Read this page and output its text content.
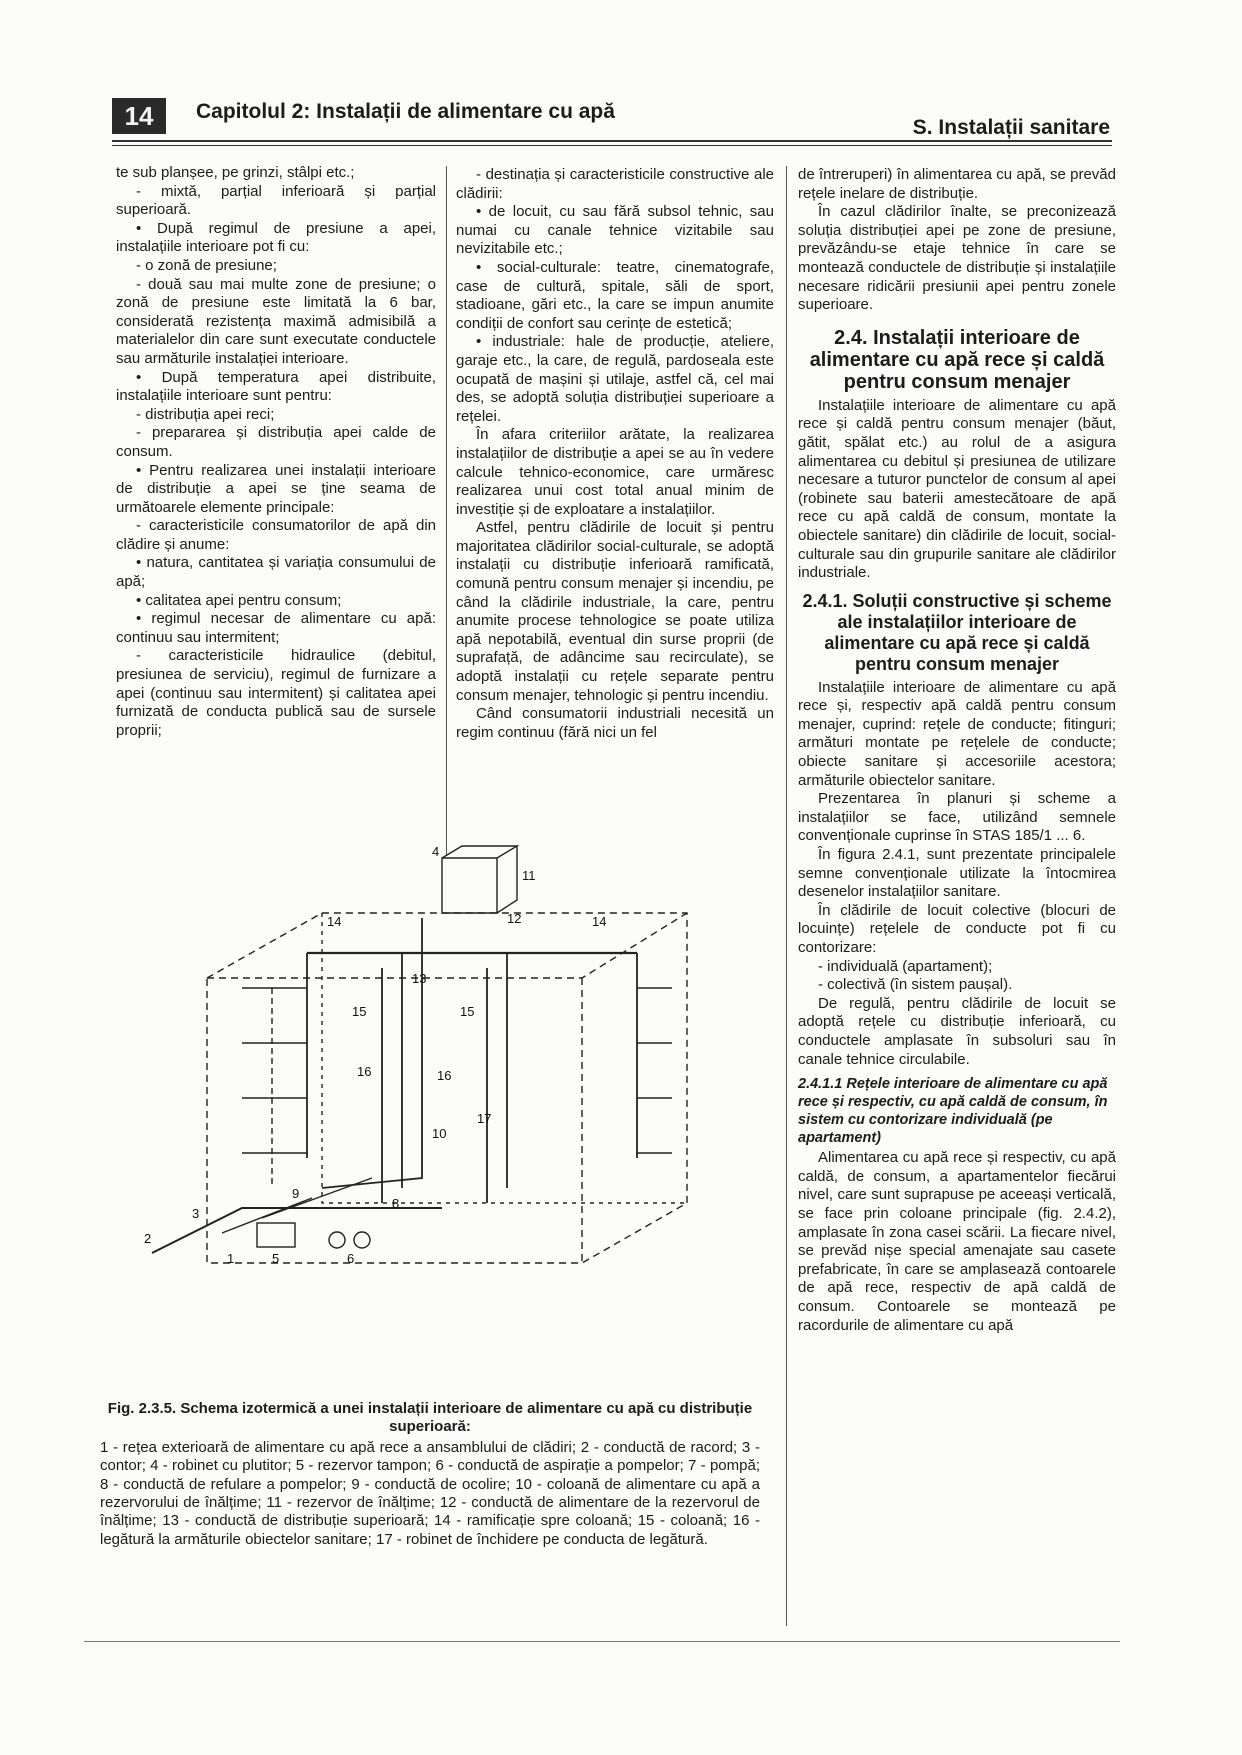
14	Capitolul 2: Instalații de alimentare cu apă
S. Instalații sanitare

te sub planșee, pe grinzi, stâlpi etc.;

- mixtă, parțial inferioară și parțial superioară.

• După regimul de presiune a apei, instalațiile interioare pot fi cu:

- o zonă de presiune;

- două sau mai multe zone de presiune; o zonă de presiune este limitată la 6 bar, considerată rezistența maximă admisibilă a materialelor din care sunt executate conductele sau armăturile instalației interioare.

• După temperatura apei distribuite, instalațiile interioare sunt pentru:

- distribuția apei reci;

- prepararea și distribuția apei calde de consum.

• Pentru realizarea unei instalații interioare de distribuție a apei se ține seama de următoarele elemente principale:

- caracteristicile consumatorilor de apă din clădire și anume:

• natura, cantitatea și variația consumului de apă;

• calitatea apei pentru consum;

• regimul necesar de alimentare cu apă: continuu sau intermitent;

- caracteristicile hidraulice (debitul, presiunea de serviciu), regimul de furnizare a apei (continuu sau intermitent) și calitatea apei furnizată de conducta publică sau de sursele proprii;

- destinația și caracteristicile constructive ale clădirii:

• de locuit, cu sau fără subsol tehnic, sau numai cu canale tehnice vizitabile sau nevizitabile etc.;

• social-culturale: teatre, cinematografe, case de cultură, spitale, săli de sport, stadioane, gări etc., la care se impun anumite condiții de confort sau cerințe de estetică;

• industriale: hale de producție, ateliere, garaje etc., la care, de regulă, pardoseala este ocupată de mașini și utilaje, astfel că, cel mai des, se adoptă soluția distribuției superioare a rețelei.

În afara criteriilor arătate, la realizarea instalațiilor de distribuție a apei se au în vedere calcule tehnico-economice, care urmăresc realizarea unui cost total anual minim de investiție și de exploatare a instalațiilor.

Astfel, pentru clădirile de locuit și pentru majoritatea clădirilor social-culturale, se adoptă instalații cu distribuție inferioară ramificată, comună pentru consum menajer și incendiu, pe când la clădirile industriale, la care, pentru anumite procese tehnologice se poate utiliza apă nepotabilă, eventual din surse proprii (de suprafață, de adâncime sau recirculate), se adoptă instalații cu rețele separate pentru consum menajer, tehnologic și pentru incendiu.

Când consumatorii industriali necesită un regim continuu (fără nici un fel

de întreruperi) în alimentarea cu apă, se prevăd rețele inelare de distribuție.

În cazul clădirilor înalte, se preconizează soluția distribuției apei pe zone de presiune, prevăzându-se etaje tehnice în care se montează conductele de distribuție și instalațiile necesare ridicării presiunii apei pentru zonele superioare.

2.4. Instalații interioare de alimentare cu apă rece și caldă pentru consum menajer

Instalațiile interioare de alimentare cu apă rece și caldă pentru consum menajer (băut, gătit, spălat etc.) au rolul de a asigura alimentarea cu debitul și presiunea de utilizare necesare a tuturor punctelor de consum al apei (robinete sau baterii amestecătoare de apă rece cu apă caldă de consum, montate la obiectele sanitare) din clădirile de locuit, social-culturale sau din grupurile sanitare ale clădirilor industriale.

2.4.1. Soluții constructive și scheme ale instalațiilor interioare de alimentare cu apă rece și caldă pentru consum menajer

Instalațiile interioare de alimentare cu apă rece și, respectiv apă caldă pentru consum menajer, cuprind: rețele de conducte; fitinguri; armături montate pe rețelele de conducte; obiecte sanitare și accesoriile acestora; armăturile obiectelor sanitare.

Prezentarea în planuri și scheme a instalațiilor se face, utilizând semnele convenționale cuprinse în STAS 185/1 ... 6.

În figura 2.4.1, sunt prezentate principalele semne convenționale utilizate la întocmirea desenelor instalațiilor sanitare.

În clădirile de locuit colective (blocuri de locuințe) rețelele de conducte pot fi cu contorizare:

- individuală (apartament);

- colectivă (în sistem paușal).

De regulă, pentru clădirile de locuit se adoptă rețele cu distribuție inferioară, cu conductele amplasate în subsoluri sau în canale tehnice circulabile.

2.4.1.1 Rețele interioare de alimentare cu apă rece și respectiv, cu apă caldă de consum, în sistem cu contorizare individuală (pe apartament)

Alimentarea cu apă rece și respectiv, cu apă caldă, de consum, a apartamentelor fiecărui nivel, care sunt suprapuse pe aceeași verticală, se face prin coloane principale (fig. 2.4.2), amplasate în zona casei scării. La fiecare nivel, se prevăd nișe special amenajate sau casete prefabricate, în care se amplasează contoarele de apă rece, respectiv de apă caldă de consum. Contoarele se montează pe racordurile de alimentare cu apă

1
2
3
4
5	6
8
9
10
11
12
13
14	14
15	15
16	16
17

Fig. 2.3.5. Schema izotermică a unei instalații interioare de alimentare cu apă cu distribuție superioară:

1 - rețea exterioară de alimentare cu apă rece a ansamblului de clădiri; 2 - conductă de racord; 3 - contor; 4 - robinet cu plutitor; 5 - rezervor tampon; 6 - conductă de aspirație a pompelor; 7 - pompă; 8 - conductă de refulare a pompelor; 9 - conductă de ocolire; 10 - coloană de alimentare cu apă a rezervorului de înălțime; 11 - rezervor de înălțime; 12 - conductă de alimentare de la rezervorul de înălțime; 13 - conductă de distribuție superioară; 14 - ramificație spre coloană; 15 - coloană; 16 - legătură la armăturile obiectelor sanitare; 17 - robinet de închidere pe conducta de legătură.
